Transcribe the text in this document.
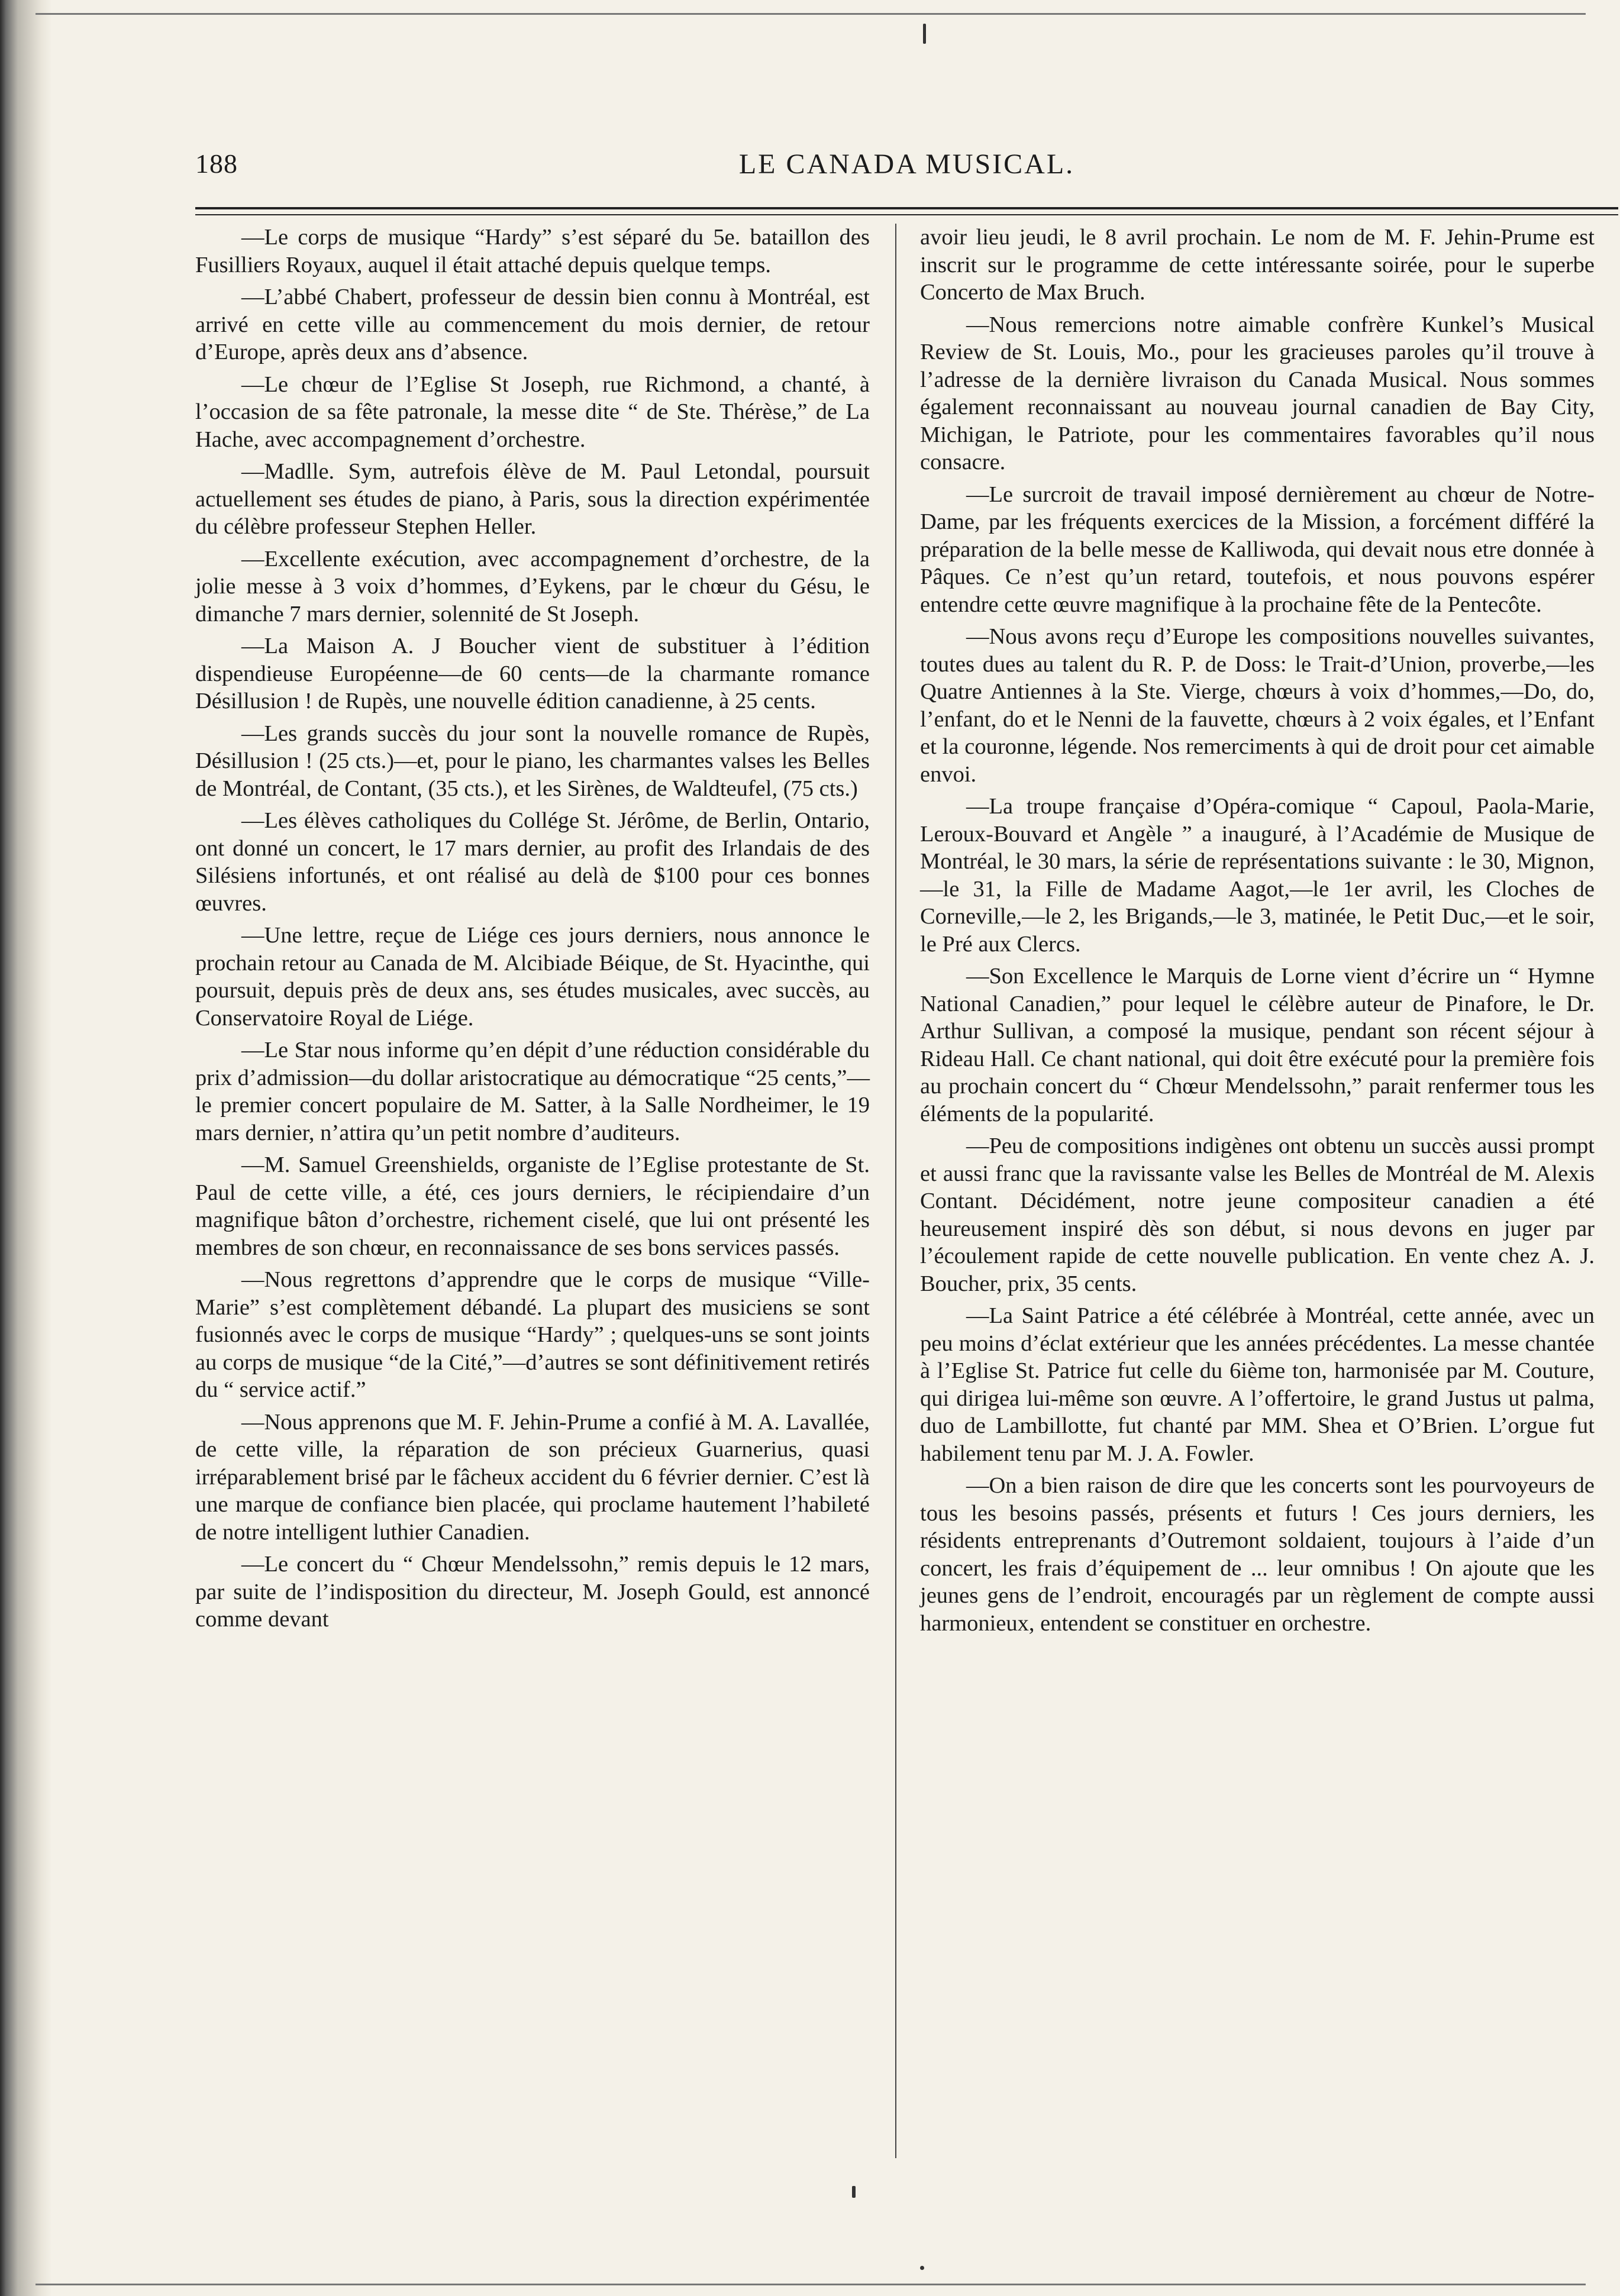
188	LE CANADA MUSICAL.

—Le corps de musique “Hardy” s’est séparé du 5e. bataillon des Fusilliers Royaux, auquel il était attaché depuis quelque temps.

—L’abbé Chabert, professeur de dessin bien connu à Montréal, est arrivé en cette ville au commencement du mois dernier, de retour d’Europe, après deux ans d’absence.

—Le chœur de l’Eglise St Joseph, rue Richmond, a chanté, à l’occasion de sa fête patronale, la messe dite “ de Ste. Thérèse,” de La Hache, avec accompagnement d’orchestre.

—Madlle. Sym, autrefois élève de M. Paul Letondal, poursuit actuellement ses études de piano, à Paris, sous la direction expérimentée du célèbre professeur Stephen Heller.

—Excellente exécution, avec accompagnement d’orchestre, de la jolie messe à 3 voix d’hommes, d’Eykens, par le chœur du Gésu, le dimanche 7 mars dernier, solennité de St Joseph.

—La Maison A. J Boucher vient de substituer à l’édition dispendieuse Européenne—de 60 cents—de la charmante romance Désillusion ! de Rupès, une nouvelle édition canadienne, à 25 cents.

—Les grands succès du jour sont la nouvelle romance de Rupès, Désillusion ! (25 cts.)—et, pour le piano, les charmantes valses les Belles de Montréal, de Contant, (35 cts.), et les Sirènes, de Waldteufel, (75 cts.)

—Les élèves catholiques du Collége St. Jérôme, de Berlin, Ontario, ont donné un concert, le 17 mars dernier, au profit des Irlandais de des Silésiens infortunés, et ont réalisé au delà de $100 pour ces bonnes œuvres.

—Une lettre, reçue de Liége ces jours derniers, nous annonce le prochain retour au Canada de M. Alcibiade Béique, de St. Hyacinthe, qui poursuit, depuis près de deux ans, ses études musicales, avec succès, au Conservatoire Royal de Liége.

—Le Star nous informe qu’en dépit d’une réduction considérable du prix d’admission—du dollar aristocratique au démocratique “25 cents,”—le premier concert populaire de M. Satter, à la Salle Nordheimer, le 19 mars dernier, n’attira qu’un petit nombre d’auditeurs.

—M. Samuel Greenshields, organiste de l’Eglise protestante de St. Paul de cette ville, a été, ces jours derniers, le récipiendaire d’un magnifique bâton d’orchestre, richement ciselé, que lui ont présenté les membres de son chœur, en reconnaissance de ses bons services passés.

—Nous regrettons d’apprendre que le corps de musique “Ville-Marie” s’est complètement débandé. La plupart des musiciens se sont fusionnés avec le corps de musique “Hardy” ; quelques-uns se sont joints au corps de musique “de la Cité,”—d’autres se sont définitivement retirés du “ service actif.”

—Nous apprenons que M. F. Jehin-Prume a confié à M. A. Lavallée, de cette ville, la réparation de son précieux Guarnerius, quasi irréparablement brisé par le fâcheux accident du 6 février dernier. C’est là une marque de confiance bien placée, qui proclame hautement l’habileté de notre intelligent luthier Canadien.

—Le concert du “ Chœur Mendelssohn,” remis depuis le 12 mars, par suite de l’indisposition du directeur, M. Joseph Gould, est annoncé comme devant

avoir lieu jeudi, le 8 avril prochain. Le nom de M. F. Jehin-Prume est inscrit sur le programme de cette intéressante soirée, pour le superbe Concerto de Max Bruch.

—Nous remercions notre aimable confrère Kunkel’s Musical Review de St. Louis, Mo., pour les gracieuses paroles qu’il trouve à l’adresse de la dernière livraison du Canada Musical. Nous sommes également reconnaissant au nouveau journal canadien de Bay City, Michigan, le Patriote, pour les commentaires favorables qu’il nous consacre.

—Le surcroit de travail imposé dernièrement au chœur de Notre-Dame, par les fréquents exercices de la Mission, a forcément différé la préparation de la belle messe de Kalliwoda, qui devait nous etre donnée à Pâques. Ce n’est qu’un retard, toutefois, et nous pouvons espérer entendre cette œuvre magnifique à la prochaine fête de la Pentecôte.

—Nous avons reçu d’Europe les compositions nouvelles suivantes, toutes dues au talent du R. P. de Doss: le Trait-d’Union, proverbe,—les Quatre Antiennes à la Ste. Vierge, chœurs à voix d’hommes,—Do, do, l’enfant, do et le Nenni de la fauvette, chœurs à 2 voix égales, et l’Enfant et la couronne, légende. Nos remerciments à qui de droit pour cet aimable envoi.

—La troupe française d’Opéra-comique “ Capoul, Paola-Marie, Leroux-Bouvard et Angèle ” a inauguré, à l’Académie de Musique de Montréal, le 30 mars, la série de représentations suivante : le 30, Mignon,—le 31, la Fille de Madame Aagot,—le 1er avril, les Cloches de Corneville,—le 2, les Brigands,—le 3, matinée, le Petit Duc,—et le soir, le Pré aux Clercs.

—Son Excellence le Marquis de Lorne vient d’écrire un “ Hymne National Canadien,” pour lequel le célèbre auteur de Pinafore, le Dr. Arthur Sullivan, a composé la musique, pendant son récent séjour à Rideau Hall. Ce chant national, qui doit être exécuté pour la première fois au prochain concert du “ Chœur Mendelssohn,” parait renfermer tous les éléments de la popularité.

—Peu de compositions indigènes ont obtenu un succès aussi prompt et aussi franc que la ravissante valse les Belles de Montréal de M. Alexis Contant. Décidément, notre jeune compositeur canadien a été heureusement inspiré dès son début, si nous devons en juger par l’écoulement rapide de cette nouvelle publication. En vente chez A. J. Boucher, prix, 35 cents.

—La Saint Patrice a été célébrée à Montréal, cette année, avec un peu moins d’éclat extérieur que les années précédentes. La messe chantée à l’Eglise St. Patrice fut celle du 6ième ton, harmonisée par M. Couture, qui dirigea lui-même son œuvre. A l’offertoire, le grand Justus ut palma, duo de Lambillotte, fut chanté par MM. Shea et O’Brien. L’orgue fut habilement tenu par M. J. A. Fowler.

—On a bien raison de dire que les concerts sont les pourvoyeurs de tous les besoins passés, présents et futurs ! Ces jours derniers, les résidents entreprenants d’Outremont soldaient, toujours à l’aide d’un concert, les frais d’équipement de ... leur omnibus ! On ajoute que les jeunes gens de l’endroit, encouragés par un règlement de compte aussi harmonieux, entendent se constituer en orchestre.
